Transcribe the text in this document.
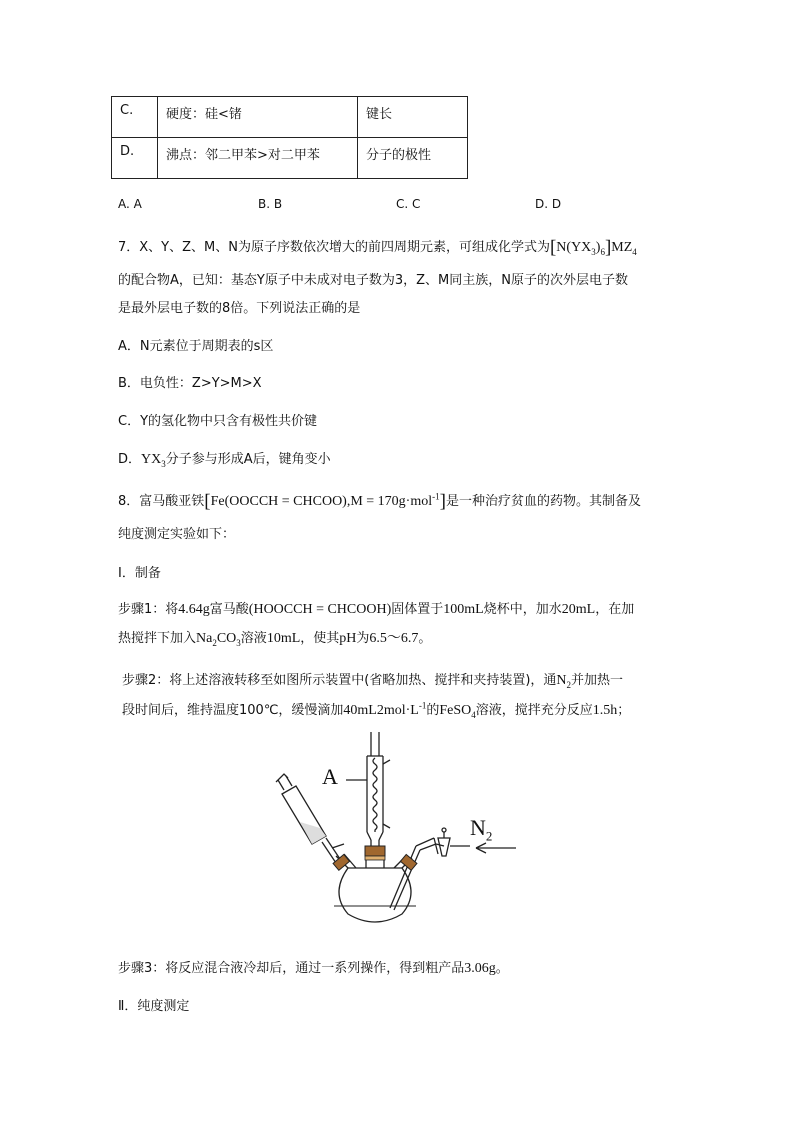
C.	硬度：硅<锗	键长
D.	沸点：邻二甲苯>对二甲苯	分子的极性
A. A	B. B	C. C	D. D
7．X、Y、Z、M、N为原子序数依次增大的前四周期元素，可组成化学式为$[N(YX_3)_6]MZ_4$
的配合物A，已知：基态Y原子中未成对电子数为3，Z、M同主族，N原子的次外层电子数
是最外层电子数的8倍。下列说法正确的是
A．N元素位于周期表的s区
B．电负性：Z>Y>M>X
C．Y的氢化物中只含有极性共价键
D．$YX_3$分子参与形成A后，键角变小
8．富马酸亚铁[Fe(OOCCH = CHCOO),M = 170g·mol$^{-1}$]是一种治疗贫血的药物。其制备及
纯度测定实验如下：
I．制备
步骤1：将4.64g富马酸(HOOCCH = CHCOOH)固体置于100mL烧杯中，加水20mL，在加
热搅拌下加入$Na_2CO_3$溶液10mL，使其pH为6.5～6.7。
步骤2：将上述溶液转移至如图所示装置中(省略加热、搅拌和夹持装置)，通$N_2$并加热一
段时间后，维持温度100℃，缓慢滴加$40mL2mol\cdot L^{-1}$的FeSO$_4$溶液，搅拌充分反应1.5h；
A
$N_2$
步骤3：将反应混合液冷却后，通过一系列操作，得到粗产品3.06g。
Ⅱ．纯度测定
